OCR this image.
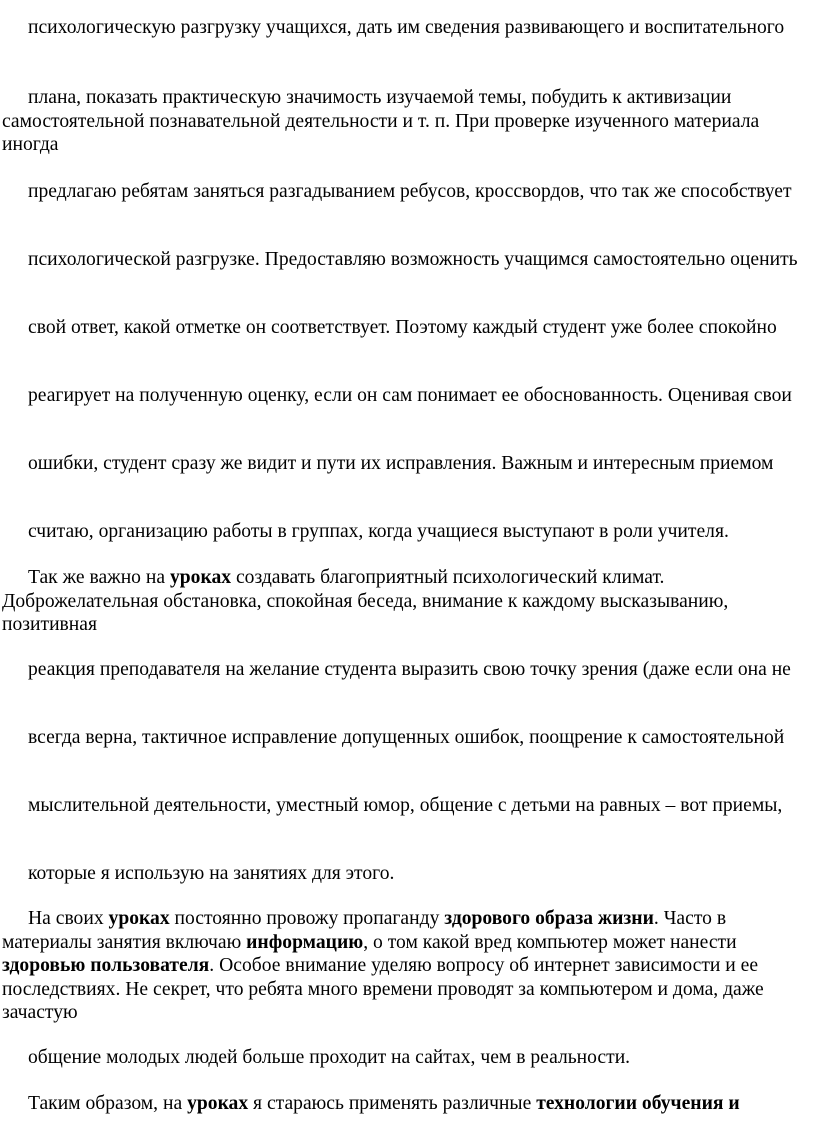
психологическую разгрузку учащихся, дать им сведения развивающего и воспитательного

плана, показать практическую значимость изучаемой темы, побудить к активизации самостоятельной познавательной деятельности и т. п. При проверке изученного материала иногда

предлагаю ребятам заняться разгадыванием ребусов, кроссвордов, что так же способствует

психологической разгрузке. Предоставляю возможность учащимся самостоятельно оценить

свой ответ, какой отметке он соответствует. Поэтому каждый студент уже более спокойно

реагирует на полученную оценку, если он сам понимает ее обоснованность. Оценивая свои

ошибки, студент сразу же видит и пути их исправления. Важным и интересным приемом

считаю, организацию работы в группах, когда учащиеся выступают в роли учителя.

Так же важно на уроках создавать благоприятный психологический климат. Доброжелательная обстановка, спокойная беседа, внимание к каждому высказыванию, позитивная

реакция преподавателя на желание студента выразить свою точку зрения (даже если она не

всегда верна, тактичное исправление допущенных ошибок, поощрение к самостоятельной

мыслительной деятельности, уместный юмор, общение с детьми на равных – вот приемы,

которые я использую на занятиях для этого.

На своих уроках постоянно провожу пропаганду здорового образа жизни. Часто в материалы занятия включаю информацию, о том какой вред компьютер может нанести здоровью пользователя. Особое внимание уделяю вопросу об интернет зависимости и ее последствиях. Не секрет, что ребята много времени проводят за компьютером и дома, даже зачастую

общение молодых людей больше проходит на сайтах, чем в реальности.

Таким образом, на уроках я стараюсь применять различные технологии обучения и
